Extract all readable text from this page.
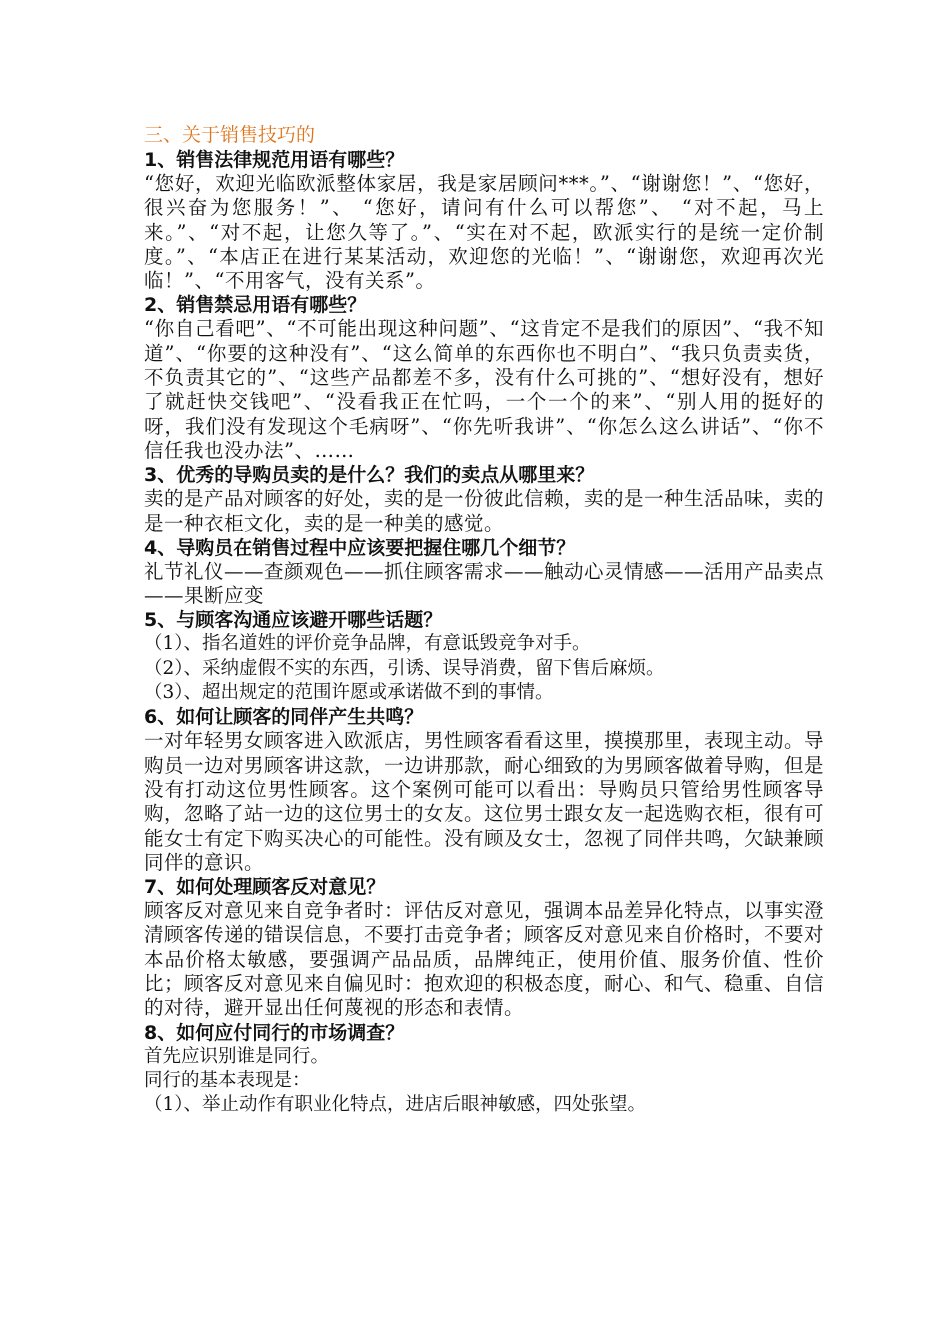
三、关于销售技巧的

1、销售法律规范用语有哪些？

“您好，欢迎光临欧派整体家居，我是家居顾问***。”、“谢谢您！”、“您好，很兴奋为您服务！”、 “您好，请问有什么可以帮您”、 “对不起，马上来。”、“对不起，让您久等了。”、“实在对不起，欧派实行的是统一定价制度。”、“本店正在进行某某活动，欢迎您的光临！”、“谢谢您，欢迎再次光临！”、“不用客气，没有关系”。

2、销售禁忌用语有哪些？

“你自己看吧”、“不可能出现这种问题”、“这肯定不是我们的原因”、“我不知道”、“你要的这种没有”、“这么简单的东西你也不明白”、“我只负责卖货，不负责其它的”、“这些产品都差不多，没有什么可挑的”、“想好没有，想好了就赶快交钱吧”、“没看我正在忙吗，一个一个的来”、“别人用的挺好的呀，我们没有发现这个毛病呀”、“你先听我讲”、“你怎么这么讲话”、“你不信任我也没办法”、……

3、优秀的导购员卖的是什么？我们的卖点从哪里来？

卖的是产品对顾客的好处，卖的是一份彼此信赖，卖的是一种生活品味，卖的是一种衣柜文化，卖的是一种美的感觉。

4、导购员在销售过程中应该要把握住哪几个细节？

礼节礼仪——查颜观色——抓住顾客需求——触动心灵情感——活用产品卖点——果断应变

5、与顾客沟通应该避开哪些话题？

（1）、指名道姓的评价竞争品牌，有意诋毁竞争对手。

（2）、采纳虚假不实的东西，引诱、误导消费，留下售后麻烦。

（3）、超出规定的范围许愿或承诺做不到的事情。

6、如何让顾客的同伴产生共鸣？

一对年轻男女顾客进入欧派店，男性顾客看看这里，摸摸那里，表现主动。导购员一边对男顾客讲这款，一边讲那款，耐心细致的为男顾客做着导购，但是没有打动这位男性顾客。这个案例可能可以看出：导购员只管给男性顾客导购，忽略了站一边的这位男士的女友。这位男士跟女友一起选购衣柜，很有可能女士有定下购买决心的可能性。没有顾及女士，忽视了同伴共鸣，欠缺兼顾同伴的意识。

7、如何处理顾客反对意见？

顾客反对意见来自竞争者时：评估反对意见，强调本品差异化特点，以事实澄清顾客传递的错误信息，不要打击竞争者；顾客反对意见来自价格时，不要对本品价格太敏感，要强调产品品质，品牌纯正，使用价值、服务价值、性价比；顾客反对意见来自偏见时：抱欢迎的积极态度，耐心、和气、稳重、自信的对待，避开显出任何蔑视的形态和表情。

8、如何应付同行的市场调查？

首先应识别谁是同行。

同行的基本表现是：

（1）、举止动作有职业化特点，进店后眼神敏感，四处张望。
